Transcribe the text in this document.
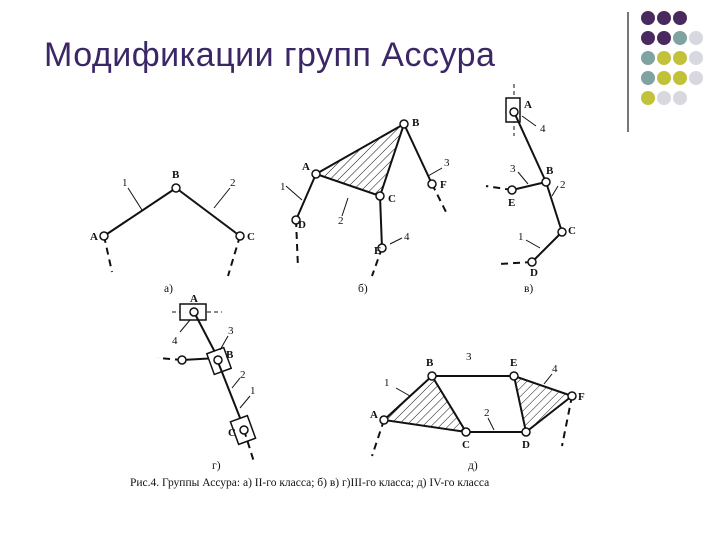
Модификации групп Ассура
A
B
C
1	2
а)
A
B
C
D
E
F
1
2
3
4
б)
A
B
C
D
E
1
2
3
4
в)
A
B
C
1
2
3
4
г)
A
B
C	D
E
F
1
2
3
4
д)
Рис.4. Группы Ассура: а) II-го класса; б) в) г)III-го класса; д) IV-го класса
